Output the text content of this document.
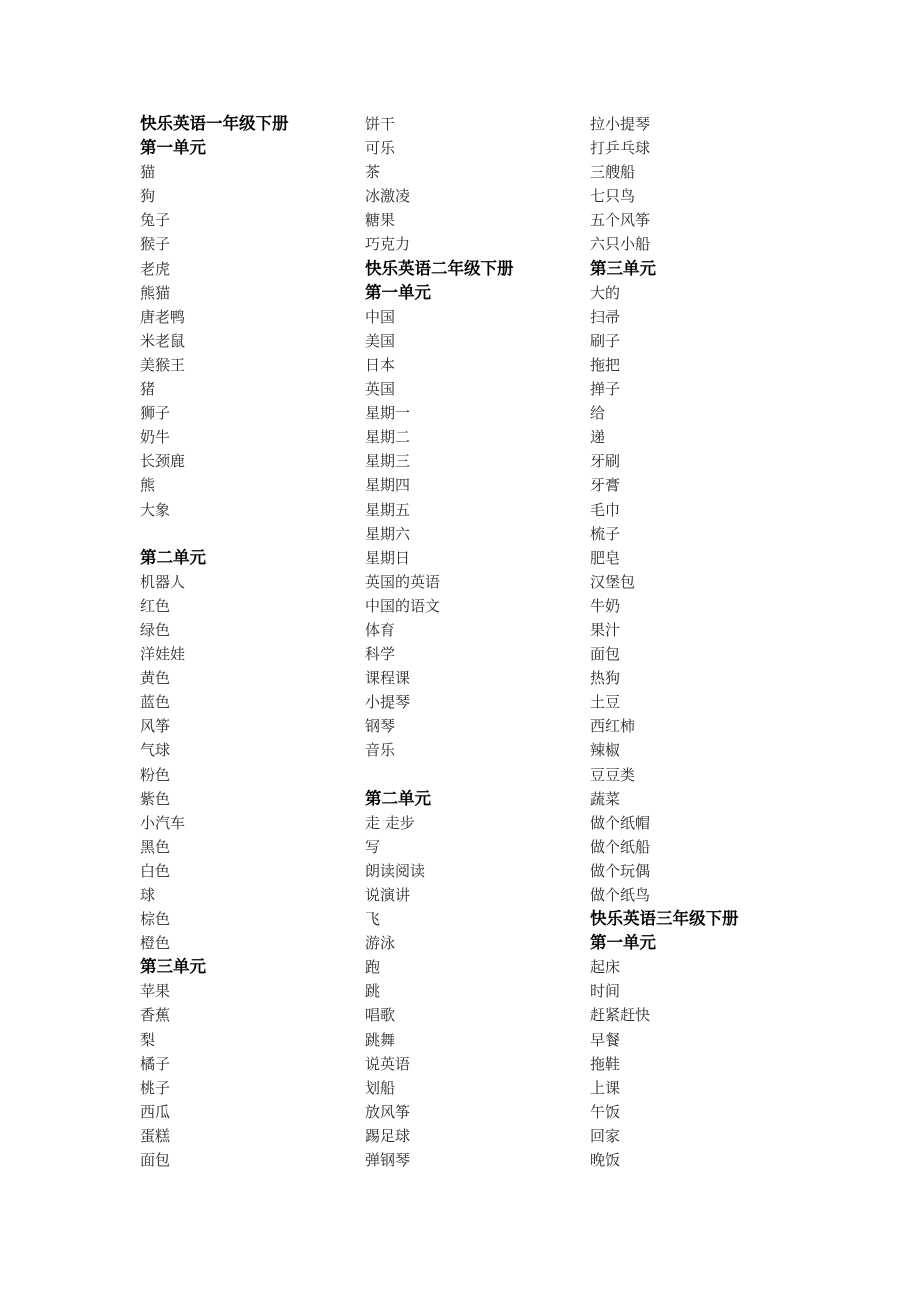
快乐英语一年级下册
第一单元
猫
狗
兔子
猴子
老虎
熊猫
唐老鸭
米老鼠
美猴王
猪
狮子
奶牛
长颈鹿
熊
大象
第二单元
机器人
红色
绿色
洋娃娃
黄色
蓝色
风筝
气球
粉色
紫色
小汽车
黑色
白色
球
棕色
橙色
第三单元
苹果
香蕉
梨
橘子
桃子
西瓜
蛋糕
面包
饼干
可乐
茶
冰激凌
糖果
巧克力
快乐英语二年级下册
第一单元
中国
美国
日本
英国
星期一
星期二
星期三
星期四
星期五
星期六
星期日
英国的英语
中国的语文
体育
科学
课程课
小提琴
钢琴
音乐
第二单元
走 走步
写
朗读阅读
说演讲
飞
游泳
跑
跳
唱歌
跳舞
说英语
划船
放风筝
踢足球
弹钢琴
拉小提琴
打乒乓球
三艘船
七只鸟
五个风筝
六只小船
第三单元
大的
扫帚
刷子
拖把
掸子
给
递
牙刷
牙膏
毛巾
梳子
肥皂
汉堡包
牛奶
果汁
面包
热狗
土豆
西红柿
辣椒
豆豆类
蔬菜
做个纸帽
做个纸船
做个玩偶
做个纸鸟
快乐英语三年级下册
第一单元
起床
时间
赶紧赶快
早餐
拖鞋
上课
午饭
回家
晚饭
